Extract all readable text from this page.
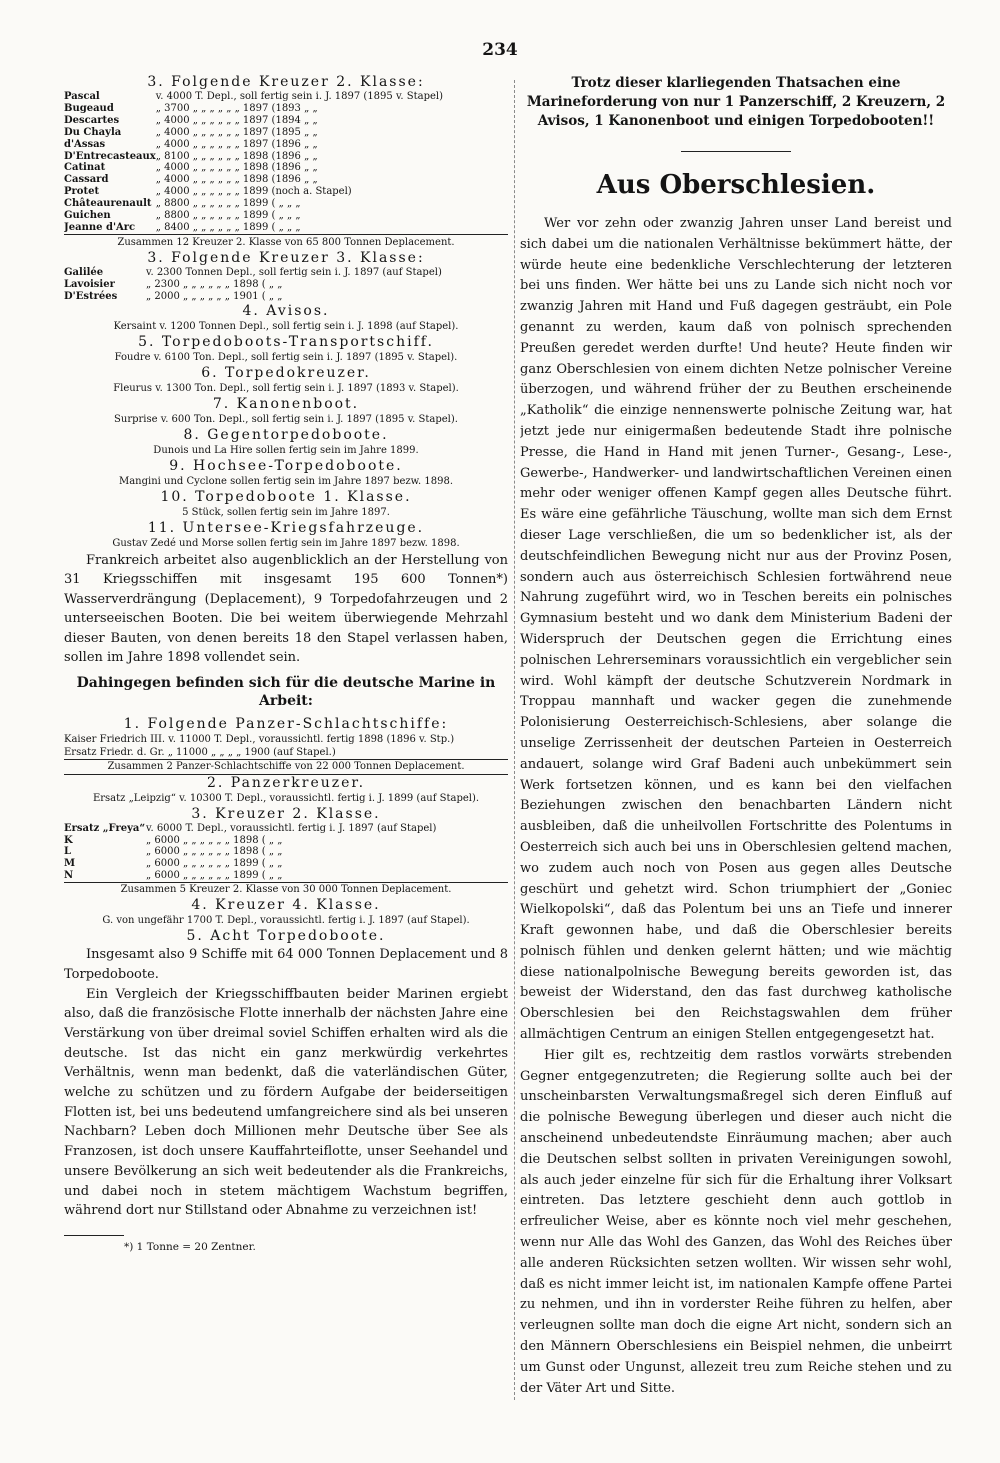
234

3. Folgende Kreuzer 2. Klasse:

Pascal	v. 4000 T. Depl., soll fertig sein i. J. 1897 (1895 v. Stapel)
Bugeaud	„ 3700 „ „ „ „ „ „ 1897 (1893 „ „
Descartes	„ 4000 „ „ „ „ „ „ 1897 (1894 „ „
Du Chayla	„ 4000 „ „ „ „ „ „ 1897 (1895 „ „
d'Assas	„ 4000 „ „ „ „ „ „ 1897 (1896 „ „
D'Entrecasteaux	„ 8100 „ „ „ „ „ „ 1898 (1896 „ „
Catinat	„ 4000 „ „ „ „ „ „ 1898 (1896 „ „
Cassard	„ 4000 „ „ „ „ „ „ 1898 (1896 „ „
Protet	„ 4000 „ „ „ „ „ „ 1899 (noch a. Stapel)
Châteaurenault	„ 8800 „ „ „ „ „ „ 1899 ( „ „ „
Guichen	„ 8800 „ „ „ „ „ „ 1899 ( „ „ „
Jeanne d'Arc	„ 8400 „ „ „ „ „ „ 1899 ( „ „ „

Zusammen 12 Kreuzer 2. Klasse von 65 800 Tonnen Deplacement.

3. Folgende Kreuzer 3. Klasse:

Galilée	v. 2300 Tonnen Depl., soll fertig sein i. J. 1897 (auf Stapel)
Lavoisier	„ 2300 „ „ „ „ „ „ 1898 ( „ „
D'Estrées	„ 2000 „ „ „ „ „ „ 1901 ( „ „

4. Avisos.

Kersaint v. 1200 Tonnen Depl., soll fertig sein i. J. 1898 (auf Stapel).

5. Torpedoboots-Transportschiff.

Foudre v. 6100 Ton. Depl., soll fertig sein i. J. 1897 (1895 v. Stapel).

6. Torpedokreuzer.

Fleurus v. 1300 Ton. Depl., soll fertig sein i. J. 1897 (1893 v. Stapel).

7. Kanonenboot.

Surprise v. 600 Ton. Depl., soll fertig sein i. J. 1897 (1895 v. Stapel).

8. Gegentorpedoboote.

Dunois und La Hire sollen fertig sein im Jahre 1899.

9. Hochsee-Torpedoboote.

Mangini und Cyclone sollen fertig sein im Jahre 1897 bezw. 1898.

10. Torpedoboote 1. Klasse.

5 Stück, sollen fertig sein im Jahre 1897.

11. Untersee-Kriegsfahrzeuge.

Gustav Zedé und Morse sollen fertig sein im Jahre 1897 bezw. 1898.

Frankreich arbeitet also augenblicklich an der Herstellung von 31 Kriegsschiffen mit insgesamt 195 600 Tonnen*) Wasserverdrängung (Deplacement), 9 Torpedofahrzeugen und 2 unterseeischen Booten. Die bei weitem überwiegende Mehrzahl dieser Bauten, von denen bereits 18 den Stapel verlassen haben, sollen im Jahre 1898 vollendet sein.

Dahingegen befinden sich für die deutsche Marine in Arbeit:

1. Folgende Panzer-Schlachtschiffe:

Kaiser Friedrich III. v. 11000 T. Depl., voraussichtl. fertig 1898 (1896 v. Stp.)

Ersatz Friedr. d. Gr. „ 11000 „ „ „ „ 1900 (auf Stapel.)

Zusammen 2 Panzer-Schlachtschiffe von 22 000 Tonnen Deplacement.

2. Panzerkreuzer.

Ersatz „Leipzig“ v. 10300 T. Depl., voraussichtl. fertig i. J. 1899 (auf Stapel).

3. Kreuzer 2. Klasse.

Ersatz „Freya“	v. 6000 T. Depl., voraussichtl. fertig i. J. 1897 (auf Stapel)
K	„ 6000 „ „ „ „ „ „ 1898 ( „ „
L	„ 6000 „ „ „ „ „ „ 1898 ( „ „
M	„ 6000 „ „ „ „ „ „ 1899 ( „ „
N	„ 6000 „ „ „ „ „ „ 1899 ( „ „

Zusammen 5 Kreuzer 2. Klasse von 30 000 Tonnen Deplacement.

4. Kreuzer 4. Klasse.

G. von ungefähr 1700 T. Depl., voraussichtl. fertig i. J. 1897 (auf Stapel).

5. Acht Torpedoboote.

Insgesamt also 9 Schiffe mit 64 000 Tonnen Deplacement und 8 Torpedoboote.

Ein Vergleich der Kriegsschiffbauten beider Marinen ergiebt also, daß die französische Flotte innerhalb der nächsten Jahre eine Verstärkung von über dreimal soviel Schiffen erhalten wird als die deutsche. Ist das nicht ein ganz merkwürdig verkehrtes Verhältnis, wenn man bedenkt, daß die vaterländischen Güter, welche zu schützen und zu fördern Aufgabe der beiderseitigen Flotten ist, bei uns bedeutend umfangreichere sind als bei unseren Nachbarn? Leben doch Millionen mehr Deutsche über See als Franzosen, ist doch unsere Kauffahrteiflotte, unser Seehandel und unsere Bevölkerung an sich weit bedeutender als die Frankreichs, und dabei noch in stetem mächtigem Wachstum begriffen, während dort nur Stillstand oder Abnahme zu verzeichnen ist!

*) 1 Tonne = 20 Zentner.

Trotz dieser klarliegenden Thatsachen eine Marineforderung von nur 1 Panzerschiff, 2 Kreuzern, 2 Avisos, 1 Kanonenboot und einigen Torpedobooten!!

Aus Oberschlesien.

Wer vor zehn oder zwanzig Jahren unser Land bereist und sich dabei um die nationalen Verhältnisse bekümmert hätte, der würde heute eine bedenkliche Verschlechterung der letzteren bei uns finden. Wer hätte bei uns zu Lande sich nicht noch vor zwanzig Jahren mit Hand und Fuß dagegen gesträubt, ein Pole genannt zu werden, kaum daß von polnisch sprechenden Preußen geredet werden durfte! Und heute? Heute finden wir ganz Oberschlesien von einem dichten Netze polnischer Vereine überzogen, und während früher der zu Beuthen erscheinende „Katholik“ die einzige nennenswerte polnische Zeitung war, hat jetzt jede nur einigermaßen bedeutende Stadt ihre polnische Presse, die Hand in Hand mit jenen Turner-, Gesang-, Lese-, Gewerbe-, Handwerker- und landwirtschaftlichen Vereinen einen mehr oder weniger offenen Kampf gegen alles Deutsche führt. Es wäre eine gefährliche Täuschung, wollte man sich dem Ernst dieser Lage verschließen, die um so bedenklicher ist, als der deutschfeindlichen Bewegung nicht nur aus der Provinz Posen, sondern auch aus österreichisch Schlesien fortwährend neue Nahrung zugeführt wird, wo in Teschen bereits ein polnisches Gymnasium besteht und wo dank dem Ministerium Badeni der Widerspruch der Deutschen gegen die Errichtung eines polnischen Lehrerseminars voraussichtlich ein vergeblicher sein wird. Wohl kämpft der deutsche Schutzverein Nordmark in Troppau mannhaft und wacker gegen die zunehmende Polonisierung Oesterreichisch-Schlesiens, aber solange die unselige Zerrissenheit der deutschen Parteien in Oesterreich andauert, solange wird Graf Badeni auch unbekümmert sein Werk fortsetzen können, und es kann bei den vielfachen Beziehungen zwischen den benachbarten Ländern nicht ausbleiben, daß die unheilvollen Fortschritte des Polentums in Oesterreich sich auch bei uns in Oberschlesien geltend machen, wo zudem auch noch von Posen aus gegen alles Deutsche geschürt und gehetzt wird. Schon triumphiert der „Goniec Wielkopolski“, daß das Polentum bei uns an Tiefe und innerer Kraft gewonnen habe, und daß die Oberschlesier bereits polnisch fühlen und denken gelernt hätten; und wie mächtig diese nationalpolnische Bewegung bereits geworden ist, das beweist der Widerstand, den das fast durchweg katholische Oberschlesien bei den Reichstagswahlen dem früher allmächtigen Centrum an einigen Stellen entgegengesetzt hat.

Hier gilt es, rechtzeitig dem rastlos vorwärts strebenden Gegner entgegenzutreten; die Regierung sollte auch bei der unscheinbarsten Verwaltungsmaßregel sich deren Einfluß auf die polnische Bewegung überlegen und dieser auch nicht die anscheinend unbedeutendste Einräumung machen; aber auch die Deutschen selbst sollten in privaten Vereinigungen sowohl, als auch jeder einzelne für sich für die Erhaltung ihrer Volksart eintreten. Das letztere geschieht denn auch gottlob in erfreulicher Weise, aber es könnte noch viel mehr geschehen, wenn nur Alle das Wohl des Ganzen, das Wohl des Reiches über alle anderen Rücksichten setzen wollten. Wir wissen sehr wohl, daß es nicht immer leicht ist, im nationalen Kampfe offene Partei zu nehmen, und ihn in vorderster Reihe führen zu helfen, aber verleugnen sollte man doch die eigne Art nicht, sondern sich an den Männern Oberschlesiens ein Beispiel nehmen, die unbeirrt um Gunst oder Ungunst, allezeit treu zum Reiche stehen und zu der Väter Art und Sitte.
